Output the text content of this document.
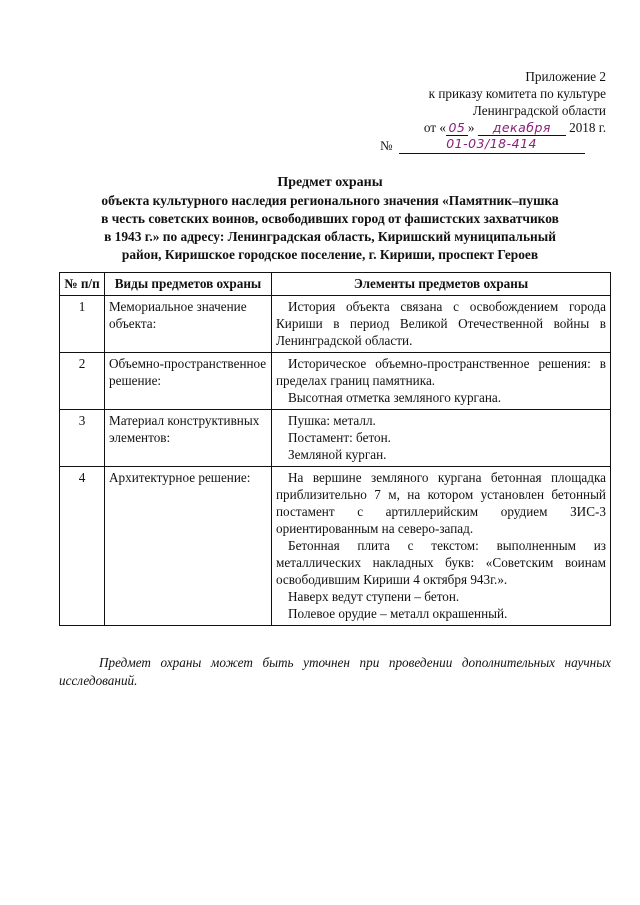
Приложение 2
к приказу комитета по культуре
Ленинградской области
от « 05 » декабря 2018 г.
№	01-03/18-414
Предмет охраны
объекта культурного наследия регионального значения «Памятник–пушка
в честь советских воинов, освободивших город от фашистских захватчиков
в 1943 г.» по адресу: Ленинградская область, Киришский муниципальный
район, Киришское городское поселение, г. Кириши, проспект Героев
№ п/п	Виды предметов охраны	Элементы предметов охраны
1	Мемориальное значение объекта:	История объекта связана с освобождением города Кириши в период Великой Отечественной войны в Ленинградской области.

2	Объемно-пространственное решение:	Историческое объемно-пространственное решения: в пределах границ памятника.

Высотная отметка земляного кургана.

3	Материал конструктивных элементов:	Пушка: металл.

Постамент: бетон.

Земляной курган.

4	Архитектурное решение:	На вершине земляного кургана бетонная площадка приблизительно 7 м, на котором установлен бетонный постамент с артиллерийским орудием ЗИС-3 ориентированным на северо-запад.

Бетонная плита с текстом: выполненным из металлических накладных букв: «Советским воинам освободившим Кириши 4 октября 943г.».

Наверх ведут ступени – бетон.

Полевое орудие – металл окрашенный.

Предмет охраны может быть уточнен при проведении дополнительных научных исследований.
